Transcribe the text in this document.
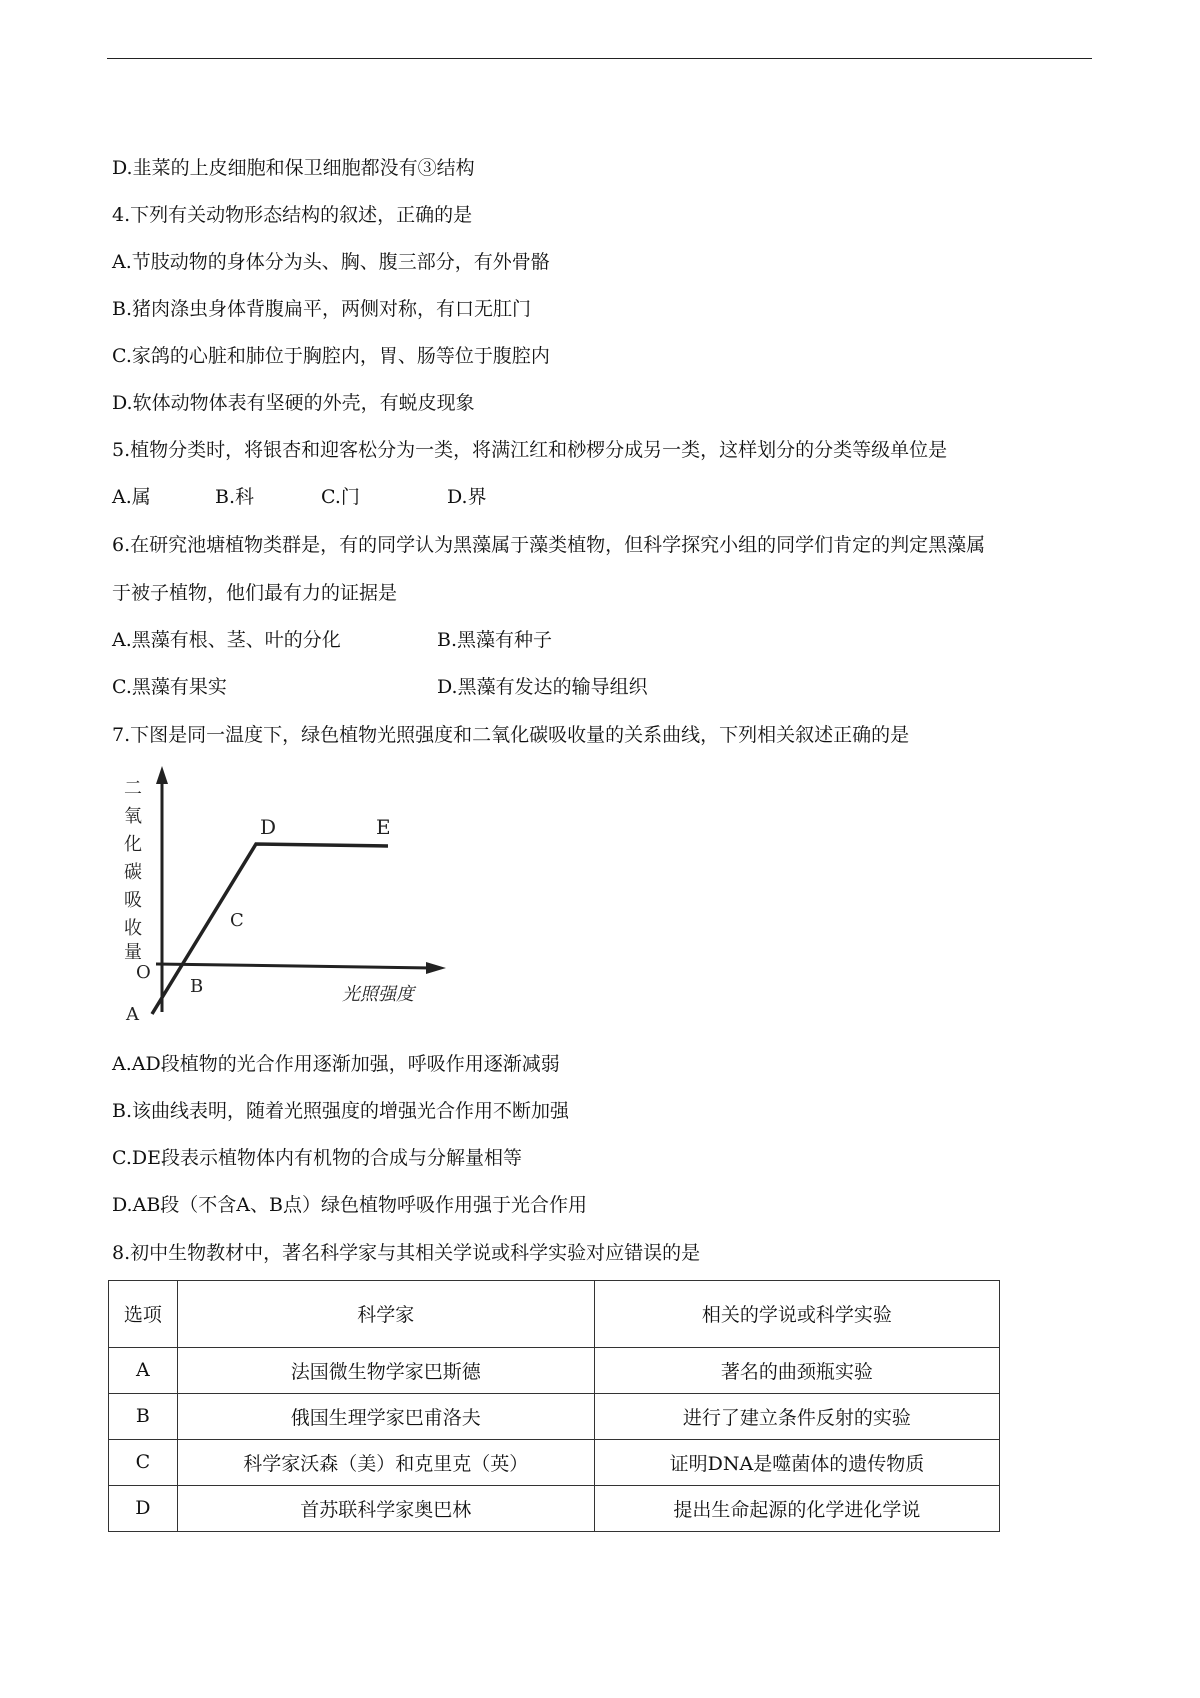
D.韭菜的上皮细胞和保卫细胞都没有③结构
4.下列有关动物形态结构的叙述，正确的是
A.节肢动物的身体分为头、胸、腹三部分，有外骨骼
B.猪肉涤虫身体背腹扁平，两侧对称，有口无肛门
C.家鸽的心脏和肺位于胸腔内，胃、肠等位于腹腔内
D.软体动物体表有坚硬的外壳，有蜕皮现象
5.植物分类时，将银杏和迎客松分为一类，将满江红和桫椤分成另一类，这样划分的分类等级单位是
A.属	B.科	C.门	D.界
6.在研究池塘植物类群是，有的同学认为黑藻属于藻类植物，但科学探究小组的同学们肯定的判定黑藻属
于被子植物，他们最有力的证据是
A.黑藻有根、茎、叶的分化	B.黑藻有种子
C.黑藻有果实	D.黑藻有发达的输导组织
7.下图是同一温度下，绿色植物光照强度和二氧化碳吸收量的关系曲线，下列相关叙述正确的是
二
氧
化
碳
吸
收
量
O
A
B
C
D	E
光照强度
A.AD段植物的光合作用逐渐加强，呼吸作用逐渐减弱
B.该曲线表明，随着光照强度的增强光合作用不断加强
C.DE段表示植物体内有机物的合成与分解量相等
D.AB段（不含A、B点）绿色植物呼吸作用强于光合作用
8.初中生物教材中，著名科学家与其相关学说或科学实验对应错误的是
选项	科学家	相关的学说或科学实验
A	法国微生物学家巴斯德	著名的曲颈瓶实验
B	俄国生理学家巴甫洛夫	进行了建立条件反射的实验
C	科学家沃森（美）和克里克（英）	证明DNA是噬菌体的遗传物质
D	首苏联科学家奥巴林	提出生命起源的化学进化学说
